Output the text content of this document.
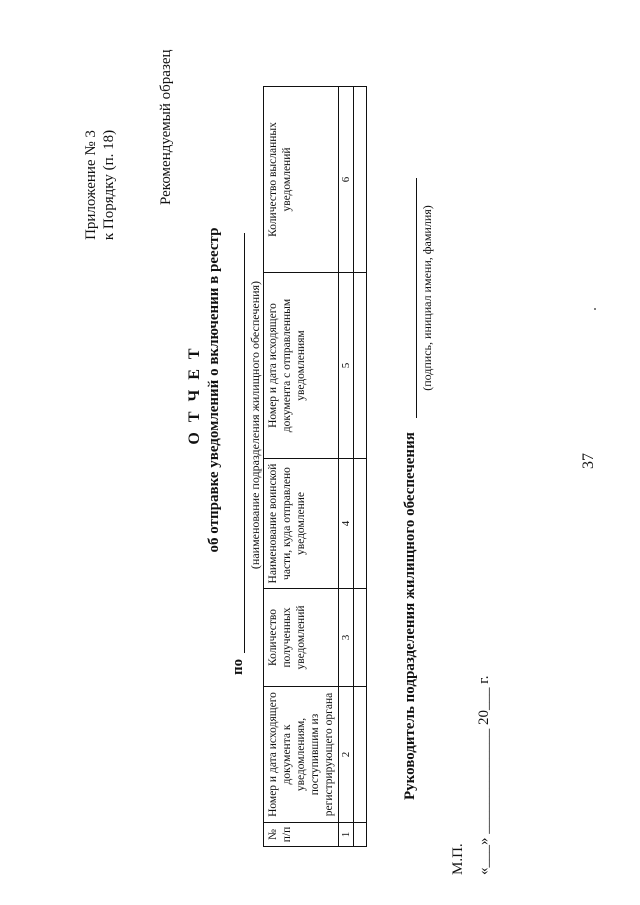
37
Приложение № 3 к Порядку (п. 18)	Рекомендуемый образец
О Т Ч Е Т об отправке уведомлений о включении в реестр
по
(наименование подразделения жилищного обеспечения)
№ п/п	Номер и дата исходящего документа к уведомлениям, поступившим из регистрирующего органа	Количество полученных уведомлений	Наименование воинской части, куда отправлено уведомление	Номер и дата исходящего документа с отправленным уведомлениям	Количество высланных уведомлений
1	2	3	4	5	6

Руководитель подразделения жилищного обеспечения
(подпись, инициал имени, фамилия)
М.П. «___» ______________ 20___ г.
